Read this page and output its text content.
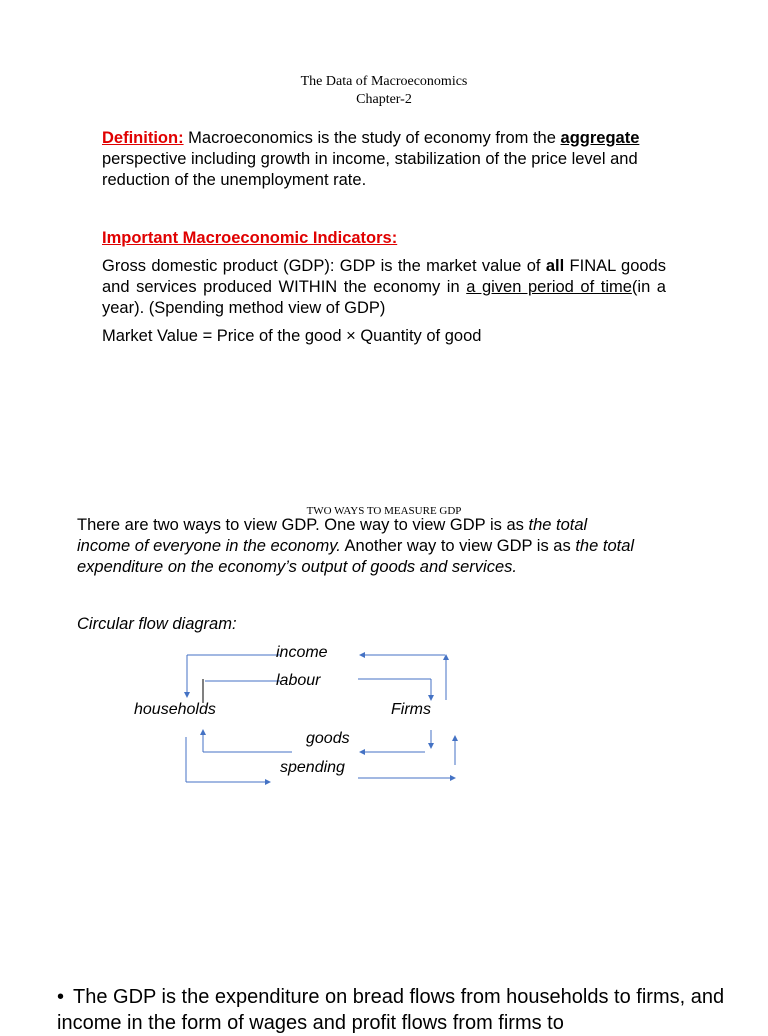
The Data of Macroeconomics
Chapter-2
Definition: Macroeconomics is the study of economy from the aggregate perspective including growth in income, stabilization of the price level and reduction of the unemployment rate.
Important Macroeconomic Indicators:
Gross domestic product (GDP): GDP is the market value of all FINAL goods and services produced WITHIN the economy in a given period of time(in a year). (Spending method view of GDP)
Market Value = Price of the good × Quantity of good
TWO WAYS TO MEASURE GDP
There are two ways to view GDP. One way to view GDP is as the total income of everyone in the economy. Another way to view GDP is as the total expenditure on the economy’s output of goods and services.
Circular flow diagram:
income
labour
households	Firms
goods
spending
• The GDP is the expenditure on bread flows from households to firms, and income in the form of wages and profit flows from firms to
